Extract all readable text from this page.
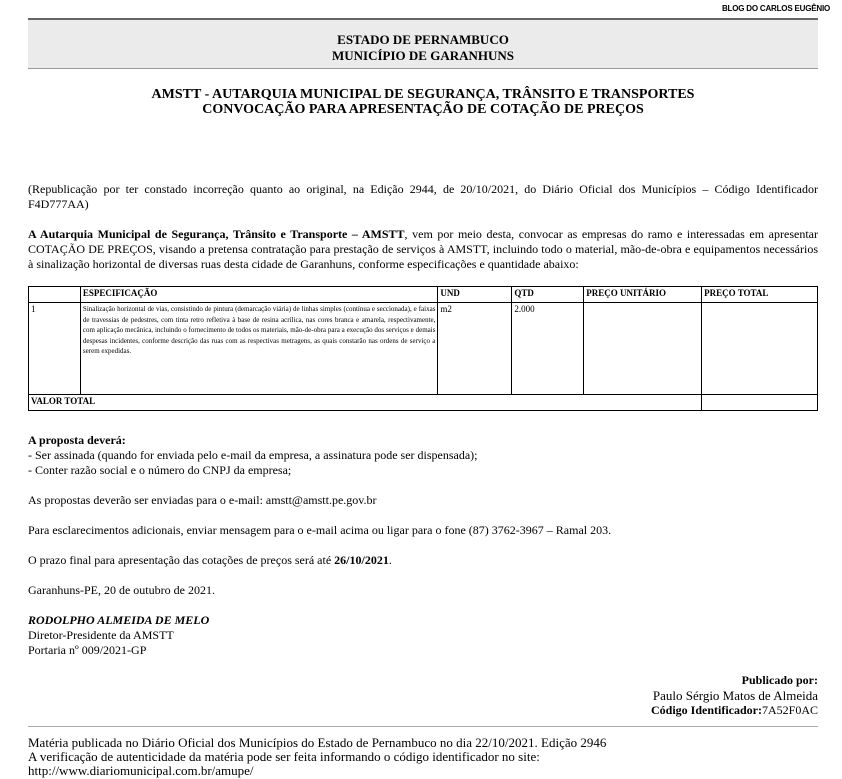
BLOG DO CARLOS EUGÊNIO
ESTADO DE PERNAMBUCO
MUNICÍPIO DE GARANHUNS
AMSTT - AUTARQUIA MUNICIPAL DE SEGURANÇA, TRÂNSITO E TRANSPORTES
CONVOCAÇÃO PARA APRESENTAÇÃO DE COTAÇÃO DE PREÇOS
(Republicação por ter constado incorreção quanto ao original, na Edição 2944, de 20/10/2021, do Diário Oficial dos Municípios – Código Identificador F4D777AA)
A Autarquia Municipal de Segurança, Trânsito e Transporte – AMSTT, vem por meio desta, convocar as empresas do ramo e interessadas em apresentar COTAÇÃO DE PREÇOS, visando a pretensa contratação para prestação de serviços à AMSTT, incluindo todo o material, mão-de-obra e equipamentos necessários à sinalização horizontal de diversas ruas desta cidade de Garanhuns, conforme especificações e quantidade abaixo:
	ESPECIFICAÇÃO	UND	QTD	PREÇO UNITÁRIO	PREÇO TOTAL
1	Sinalização horizontal de vias, consistindo de pintura (demarcação viária) de linhas simples (contínua e seccionada), e faixas de travessias de pedestres, com tinta retro refletiva à base de resina acrílica, nas cores branca e amarela, respectivamente, com aplicação mecânica, incluindo o fornecimento de todos os materiais, mão-de-obra para a execução dos serviços e demais despesas incidentes, conforme descrição das ruas com as respectivas metragens, as quais constarão nas ordens de serviço a serem expedidas.	m2	2.000		
VALOR TOTAL					
A proposta deverá:
- Ser assinada (quando for enviada pelo e-mail da empresa, a assinatura pode ser dispensada);
- Conter razão social e o número do CNPJ da empresa;
As propostas deverão ser enviadas para o e-mail: amstt@amstt.pe.gov.br
Para esclarecimentos adicionais, enviar mensagem para o e-mail acima ou ligar para o fone (87) 3762-3967 – Ramal 203.
O prazo final para apresentação das cotações de preços será até 26/10/2021.
Garanhuns-PE, 20 de outubro de 2021.
RODOLPHO ALMEIDA DE MELO
Diretor-Presidente da AMSTT
Portaria nº 009/2021-GP
Publicado por:
Paulo Sérgio Matos de Almeida
Código Identificador:7A52F0AC
Matéria publicada no Diário Oficial dos Municípios do Estado de Pernambuco no dia 22/10/2021. Edição 2946
A verificação de autenticidade da matéria pode ser feita informando o código identificador no site:
http://www.diariomunicipal.com.br/amupe/
